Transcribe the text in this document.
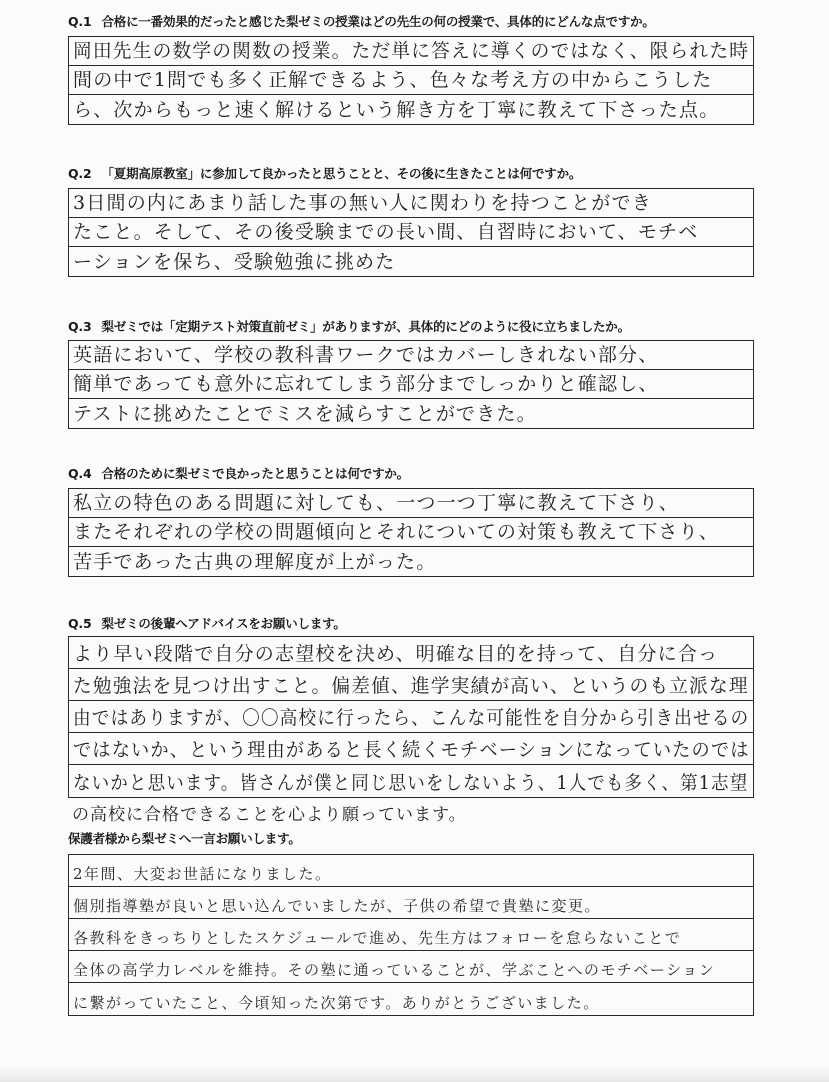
Q.1 合格に一番効果的だったと感じた梨ゼミの授業はどの先生の何の授業で、具体的にどんな点ですか。
岡田先生の数学の関数の授業。ただ単に答えに導くのではなく、限られた時
間の中で1問でも多く正解できるよう、色々な考え方の中からこうした
ら、次からもっと速く解けるという解き方を丁寧に教えて下さった点。
Q.2 「夏期高原教室」に参加して良かったと思うことと、その後に生きたことは何ですか。
3日間の内にあまり話した事の無い人に関わりを持つことができ
たこと。そして、その後受験までの長い間、自習時において、モチベ
ーションを保ち、受験勉強に挑めた
Q.3 梨ゼミでは「定期テスト対策直前ゼミ」がありますが、具体的にどのように役に立ちましたか。
英語において、学校の教科書ワークではカバーしきれない部分、
簡単であっても意外に忘れてしまう部分までしっかりと確認し、
テストに挑めたことでミスを減らすことができた。
Q.4 合格のために梨ゼミで良かったと思うことは何ですか。
私立の特色のある問題に対しても、一つ一つ丁寧に教えて下さり、
またそれぞれの学校の問題傾向とそれについての対策も教えて下さり、
苦手であった古典の理解度が上がった。
Q.5 梨ゼミの後輩へアドバイスをお願いします。
より早い段階で自分の志望校を決め、明確な目的を持って、自分に合っ
た勉強法を見つけ出すこと。偏差値、進学実績が高い、というのも立派な理
由ではありますが、〇〇高校に行ったら、こんな可能性を自分から引き出せるの
ではないか、という理由があると長く続くモチベーションになっていたのでは
ないかと思います。皆さんが僕と同じ思いをしないよう、1人でも多く、第1志望
の高校に合格できることを心より願っています。
保護者様から梨ゼミへ一言お願いします。
2年間、大変お世話になりました。
個別指導塾が良いと思い込んでいましたが、子供の希望で貴塾に変更。
各教科をきっちりとしたスケジュールで進め、先生方はフォローを怠らないことで
全体の高学力レベルを維持。その塾に通っていることが、学ぶことへのモチベーション
に繋がっていたこと、今頃知った次第です。ありがとうございました。
